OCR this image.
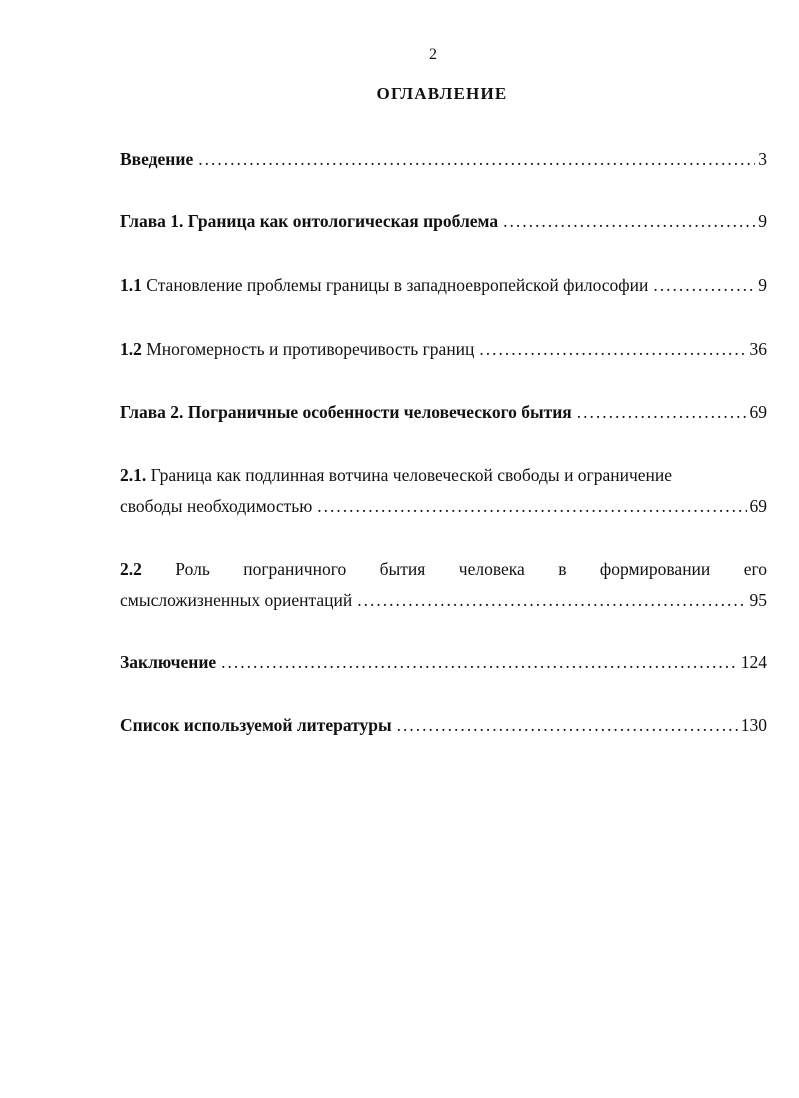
2
ОГЛАВЛЕНИЕ
Введение .....	3
Глава 1. Граница как онтологическая проблема .....	9
1.1
Становление проблемы границы в западноевропейской философии .....	9
1.2
Многомерность и противоречивость границ .....	36
Глава 2. Пограничные особенности человеческого бытия .....	69
2.1.
Граница как подлинная вотчина человеческой свободы и ограничение
свободы необходимостью .....	69
2.2 Роль пограничного бытия человека в формировании его
смысложизненных ориентаций .....	95
Заключение .....	124
Список используемой литературы .....	130
